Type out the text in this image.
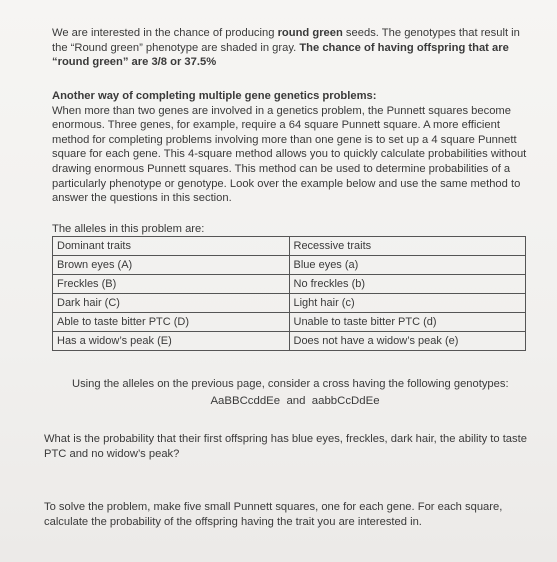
We are interested in the chance of producing round green seeds. The genotypes that result in the “Round green” phenotype are shaded in gray. The chance of having offspring that are “round green” are 3/8 or 37.5%
Another way of completing multiple gene genetics problems:
When more than two genes are involved in a genetics problem, the Punnett squares become enormous. Three genes, for example, require a 64 square Punnett square. A more efficient method for completing problems involving more than one gene is to set up a 4 square Punnett square for each gene. This 4-square method allows you to quickly calculate probabilities without drawing enormous Punnett squares. This method can be used to determine probabilities of a particularly phenotype or genotype. Look over the example below and use the same method to answer the questions in this section.
The alleles in this problem are:
Dominant traits	Recessive traits
Brown eyes (A)	Blue eyes (a)
Freckles (B)	No freckles (b)
Dark hair (C)	Light hair (c)
Able to taste bitter PTC (D)	Unable to taste bitter PTC (d)
Has a widow’s peak (E)	Does not have a widow’s peak (e)
Using the alleles on the previous page, consider a cross having the following genotypes:
AaBBCcddEe and aabbCcDdEe
What is the probability that their first offspring has blue eyes, freckles, dark hair, the ability to taste PTC and no widow’s peak?
To solve the problem, make five small Punnett squares, one for each gene. For each square, calculate the probability of the offspring having the trait you are interested in.
